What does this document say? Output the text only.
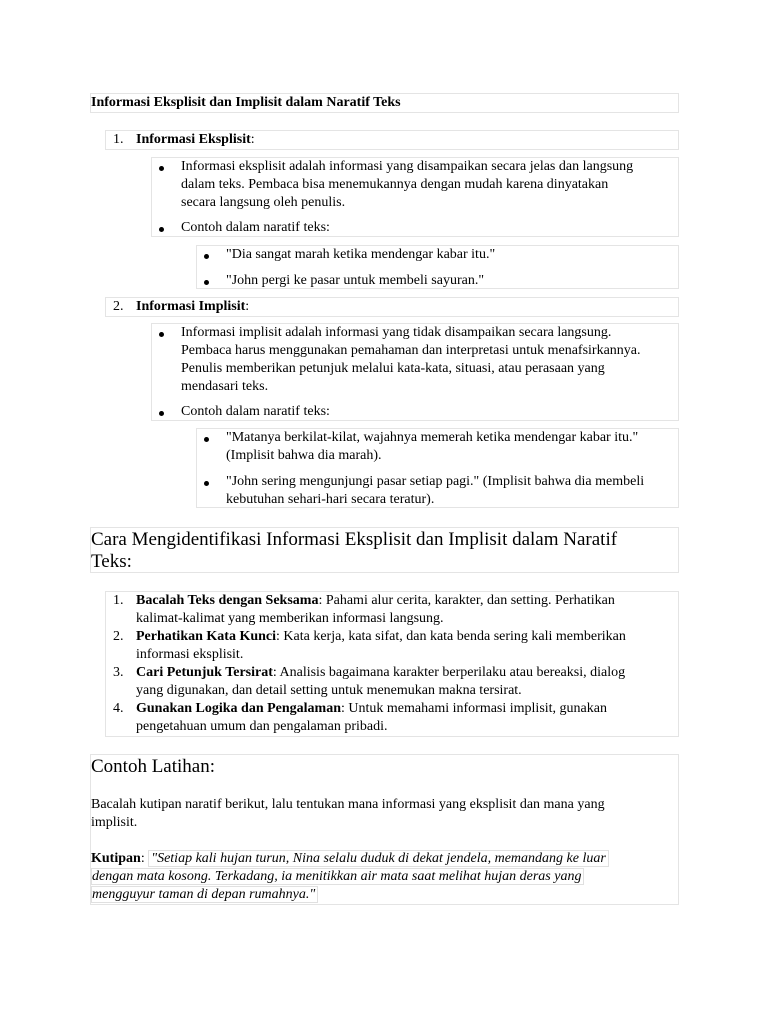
Informasi Eksplisit dan Implisit dalam Naratif Teks
1. Informasi Eksplisit:
Informasi eksplisit adalah informasi yang disampaikan secara jelas dan langsung
dalam teks. Pembaca bisa menemukannya dengan mudah karena dinyatakan
secara langsung oleh penulis.
Contoh dalam naratif teks:
"Dia sangat marah ketika mendengar kabar itu."
"John pergi ke pasar untuk membeli sayuran."
2. Informasi Implisit:
Informasi implisit adalah informasi yang tidak disampaikan secara langsung.
Pembaca harus menggunakan pemahaman dan interpretasi untuk menafsirkannya.
Penulis memberikan petunjuk melalui kata-kata, situasi, atau perasaan yang
mendasari teks.
Contoh dalam naratif teks:
"Matanya berkilat-kilat, wajahnya memerah ketika mendengar kabar itu."
(Implisit bahwa dia marah).
"John sering mengunjungi pasar setiap pagi." (Implisit bahwa dia membeli
kebutuhan sehari-hari secara teratur).
Cara Mengidentifikasi Informasi Eksplisit dan Implisit dalam Naratif
Teks:
1. Bacalah Teks dengan Seksama: Pahami alur cerita, karakter, dan setting. Perhatikan
kalimat-kalimat yang memberikan informasi langsung.
2. Perhatikan Kata Kunci: Kata kerja, kata sifat, dan kata benda sering kali memberikan
informasi eksplisit.
3. Cari Petunjuk Tersirat: Analisis bagaimana karakter berperilaku atau bereaksi, dialog
yang digunakan, dan detail setting untuk menemukan makna tersirat.
4. Gunakan Logika dan Pengalaman: Untuk memahami informasi implisit, gunakan
pengetahuan umum dan pengalaman pribadi.
Contoh Latihan:
Bacalah kutipan naratif berikut, lalu tentukan mana informasi yang eksplisit dan mana yang
implisit.
Kutipan: "Setiap kali hujan turun, Nina selalu duduk di dekat jendela, memandang ke luar
dengan mata kosong. Terkadang, ia menitikkan air mata saat melihat hujan deras yang
mengguyur taman di depan rumahnya."
